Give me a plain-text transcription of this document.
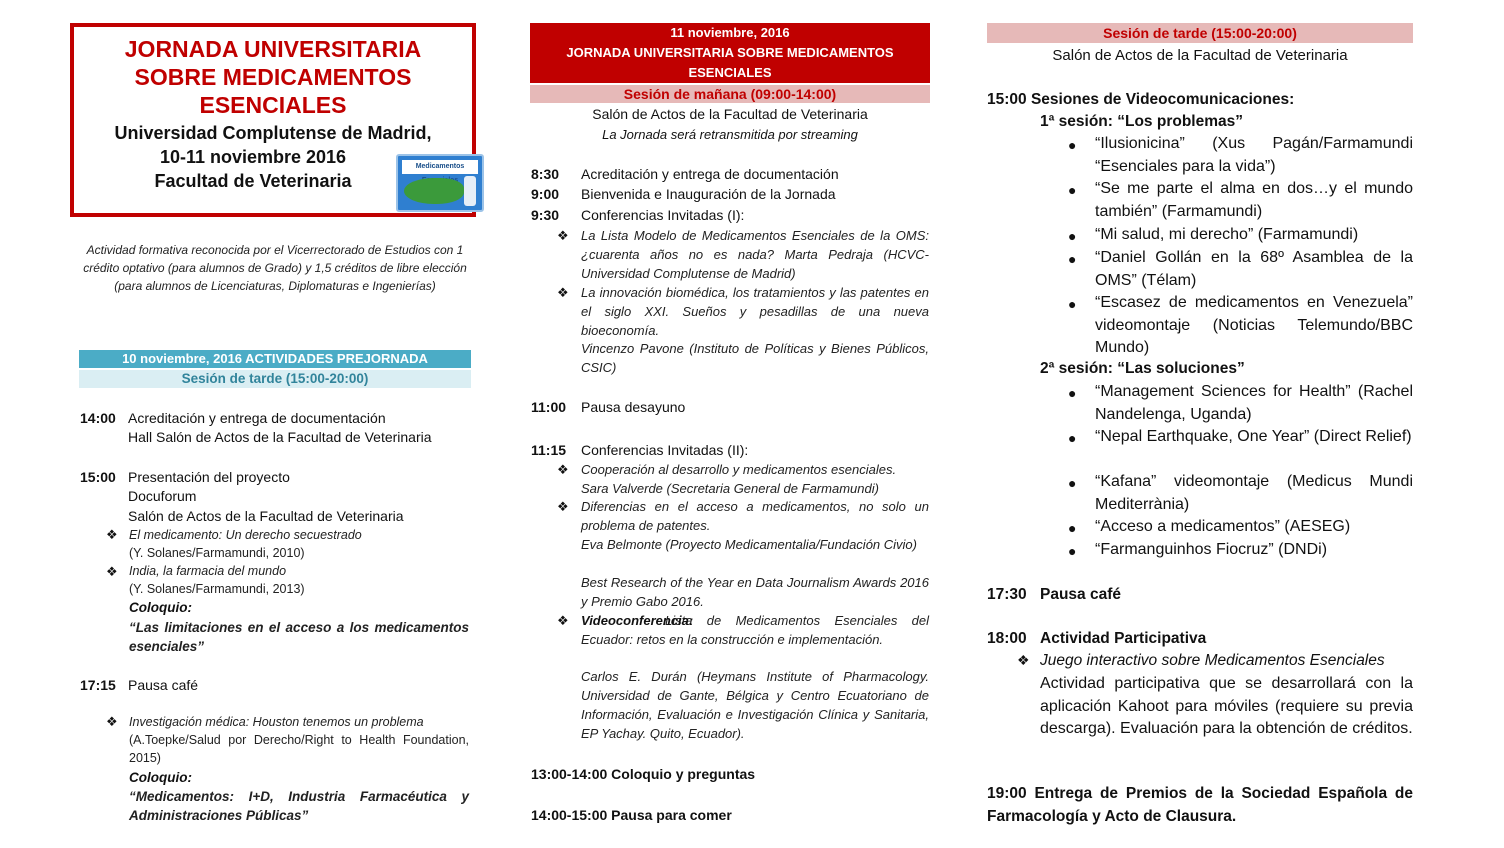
JORNADA UNIVERSITARIA
SOBRE MEDICAMENTOS
ESENCIALES
Universidad Complutense de Madrid,
10-11 noviembre 2016
Facultad de Veterinaria
Medicamentos
Actividad formativa reconocida por el Vicerrectorado de Estudios con 1 crédito optativo (para alumnos de Grado) y 1,5 créditos de libre elección (para alumnos de Licenciaturas, Diplomaturas e Ingenierías)
10 noviembre, 2016 ACTIVIDADES PREJORNADA
Sesión de tarde (15:00-20:00)
14:00 Acreditación y entrega de documentación
Hall Salón de Actos de la Facultad de Veterinaria
15:00 Presentación del proyecto
Docuforum
Salón de Actos de la Facultad de Veterinaria
❖ El medicamento: Un derecho secuestrado
(Y. Solanes/Farmamundi, 2010)
❖ India, la farmacia del mundo
(Y. Solanes/Farmamundi, 2013)
Coloquio:
“Las limitaciones en el acceso a los medicamentos esenciales”
17:15 Pausa café
❖ Investigación médica: Houston tenemos un problema
(A.Toepke/Salud por Derecho/Right to Health Foundation, 2015)
Coloquio:
“Medicamentos: I+D, Industria Farmacéutica y Administraciones Públicas”
11 noviembre, 2016
JORNADA UNIVERSITARIA SOBRE MEDICAMENTOS ESENCIALES
Sesión de mañana (09:00-14:00)
Salón de Actos de la Facultad de Veterinaria
La Jornada será retransmitida por streaming
8:30 Acreditación y entrega de documentación
9:00 Bienvenida e Inauguración de la Jornada
9:30 Conferencias Invitadas (I):
❖ La Lista Modelo de Medicamentos Esenciales de la OMS: ¿cuarenta años no es nada? Marta Pedraja (HCVC-Universidad Complutense de Madrid)
❖ La innovación biomédica, los tratamientos y las patentes en el siglo XXI. Sueños y pesadillas de una nueva bioeconomía.
Vincenzo Pavone (Instituto de Políticas y Bienes Públicos, CSIC)
11:00 Pausa desayuno
11:15 Conferencias Invitadas (II):
❖ Cooperación al desarrollo y medicamentos esenciales.
Sara Valverde (Secretaria General de Farmamundi)
❖ Diferencias en el acceso a medicamentos, no solo un problema de patentes.
Eva Belmonte (Proyecto Medicamentalia/Fundación Civio)
Best Research of the Year en Data Journalism Awards 2016 y Premio Gabo 2016.
❖	Lista de Medicamentos Esenciales del Ecuador: retos en la construcción e implementación.
Videoconferencia:
Carlos E. Durán (Heymans Institute of Pharmacology. Universidad de Gante, Bélgica y Centro Ecuatoriano de Información, Evaluación e Investigación Clínica y Sanitaria, EP Yachay. Quito, Ecuador).
13:00-14:00 Coloquio y preguntas
14:00-15:00 Pausa para comer
Sesión de tarde (15:00-20:00)
Salón de Actos de la Facultad de Veterinaria
15:00 Sesiones de Videocomunicaciones:
1ª sesión: “Los problemas”
● “Ilusionicina” (Xus Pagán/Farmamundi “Esenciales para la vida”)
● “Se me parte el alma en dos…y el mundo también” (Farmamundi)
● “Mi salud, mi derecho” (Farmamundi)
● “Daniel Gollán en la 68º Asamblea de la OMS” (Télam)
● “Escasez de medicamentos en Venezuela” videomontaje (Noticias Telemundo/BBC Mundo)
2ª sesión: “Las soluciones”
● “Management Sciences for Health” (Rachel Nandelenga, Uganda)
● “Nepal Earthquake, One Year” (Direct Relief)
● “Kafana” videomontaje (Medicus Mundi Mediterrània)
● “Acceso a medicamentos” (AESEG)
● “Farmanguinhos Fiocruz” (DNDi)
17:30 Pausa café
18:00 Actividad Participativa
❖ Juego interactivo sobre Medicamentos Esenciales
Actividad participativa que se desarrollará con la aplicación Kahoot para móviles (requiere su previa descarga). Evaluación para la obtención de créditos.
19:00 Entrega de Premios de la Sociedad Española de Farmacología y Acto de Clausura.
